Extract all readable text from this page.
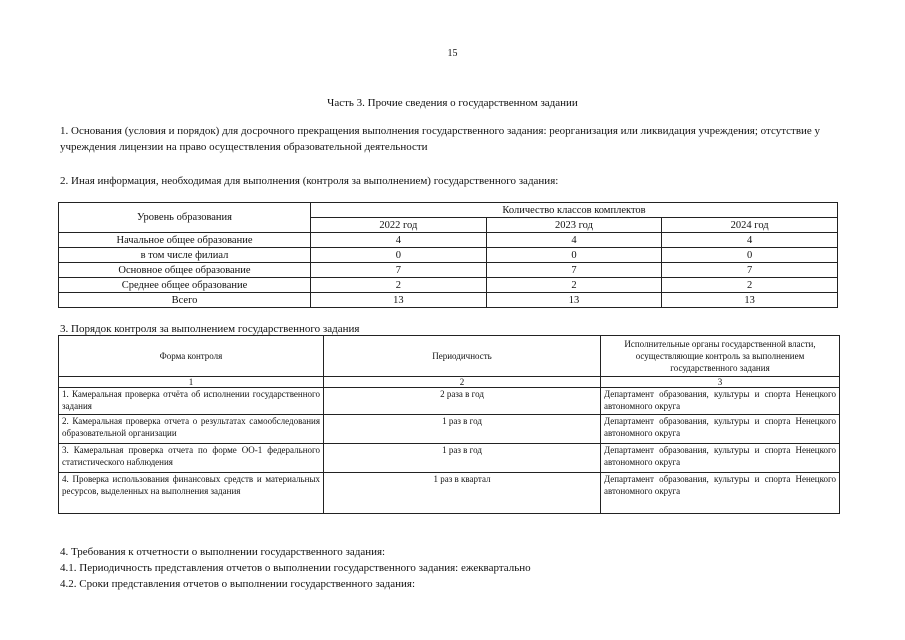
15
Часть 3. Прочие сведения о государственном задании
1. Основания (условия и порядок) для досрочного прекращения выполнения государственного задания: реорганизация или ликвидация учреждения; отсутствие у учреждения лицензии на право осуществления образовательной деятельности
2. Иная информация, необходимая для выполнения (контроля за выполнением) государственного задания:
Уровень образования	Количество классов комплектов		
	2022 год	2023 год	2024 год
Начальное общее образование	4	4	4
в том числе филиал	0	0	0
Основное общее образование	7	7	7
Среднее общее образование	2	2	2
Всего	13	13	13
3. Порядок контроля за выполнением государственного задания
Форма контроля	Периодичность	Исполнительные органы государственной власти, осуществляющие контроль за выполнением государственного задания
1	2	3
1. Камеральная проверка отчёта об исполнении государственного задания	2 раза в год	Департамент образования, культуры и спорта Ненецкого автономного округа
2. Камеральная проверка отчета о результатах самообследования образовательной организации	1 раз в год	Департамент образования, культуры и спорта Ненецкого автономного округа
3. Камеральная проверка отчета по форме ОО-1 федерального статистического наблюдения	1 раз в год	Департамент образования, культуры и спорта Ненецкого автономного округа
4. Проверка использования финансовых средств и материальных ресурсов, выделенных на выполнения задания	1 раз в квартал	Департамент образования, культуры и спорта Ненецкого автономного округа
4. Требования к отчетности о выполнении государственного задания:
4.1. Периодичность представления отчетов о выполнении государственного задания: ежеквартально
4.2. Сроки представления отчетов о выполнении государственного задания:
